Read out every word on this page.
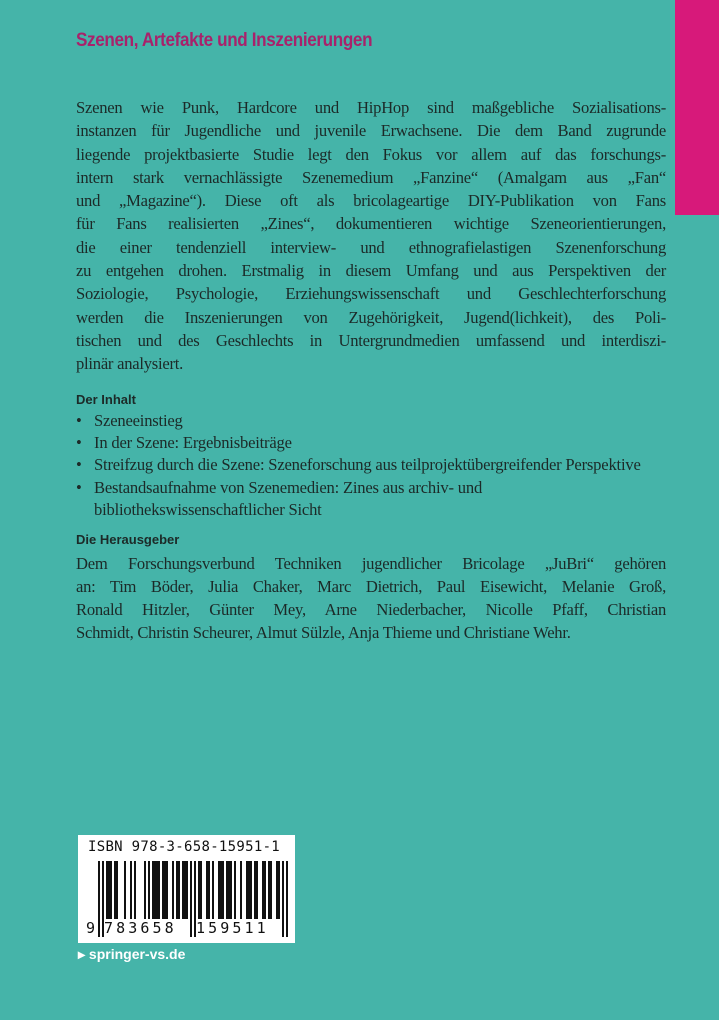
Szenen, Artefakte und Inszenierungen
Szenen wie Punk, Hardcore und HipHop sind maßgebliche Sozialisations-
instanzen für Jugendliche und juvenile Erwachsene. Die dem Band zugrunde
liegende projektbasierte Studie legt den Fokus vor allem auf das forschungs-
intern stark vernachlässigte Szenemedium „Fanzine“ (Amalgam aus „Fan“
und „Magazine“). Diese oft als bricolageartige DIY-Publikation von Fans
für Fans realisierten „Zines“, dokumentieren wichtige Szeneorientierungen,
die einer tendenziell interview- und ethnografielastigen Szenenforschung
zu entgehen drohen. Erstmalig in diesem Umfang und aus Perspektiven der
Soziologie, Psychologie, Erziehungswissenschaft und Geschlechterforschung
werden die Inszenierungen von Zugehörigkeit, Jugend(lichkeit), des Poli-
tischen und des Geschlechts in Untergrundmedien umfassend und interdiszi-
plinär analysiert.
Der Inhalt
• Szeneeinstieg
• In der Szene: Ergebnisbeiträge
• Streifzug durch die Szene: Szeneforschung aus teilprojektübergreifender Perspektive
• Bestandsaufnahme von Szenemedien: Zines aus archiv- und bibliothekswissenschaftlicher Sicht
Die Herausgeber
Dem Forschungsverbund Techniken jugendlicher Bricolage „JuBri“ gehören
an: Tim Böder, Julia Chaker, Marc Dietrich, Paul Eisewicht, Melanie Groß,
Ronald Hitzler, Günter Mey, Arne Niederbacher, Nicolle Pfaff, Christian
Schmidt, Christin Scheurer, Almut Sülzle, Anja Thieme und Christiane Wehr.
ISBN 978-3-658-15951-1
9 783658 159511
▸ springer-vs.de
